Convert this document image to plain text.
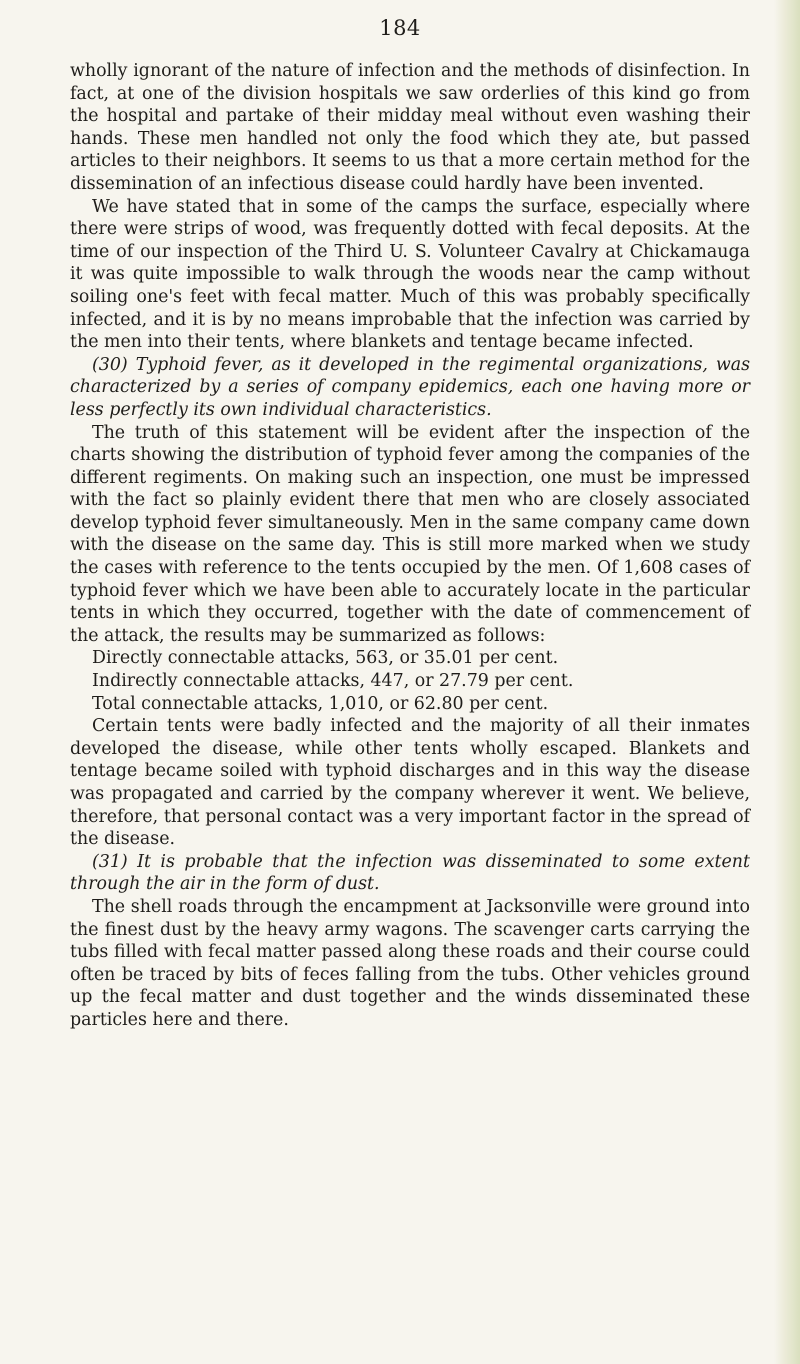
184

wholly ignorant of the nature of infection and the methods of disinfection. In fact, at one of the division hospitals we saw orderlies of this kind go from the hospital and partake of their midday meal without even washing their hands. These men handled not only the food which they ate, but passed articles to their neighbors. It seems to us that a more certain method for the dissemination of an infectious disease could hardly have been invented.

We have stated that in some of the camps the surface, especially where there were strips of wood, was frequently dotted with fecal deposits. At the time of our inspection of the Third U. S. Volunteer Cavalry at Chickamauga it was quite impossible to walk through the woods near the camp without soiling one's feet with fecal matter. Much of this was probably specifically infected, and it is by no means improbable that the infection was carried by the men into their tents, where blankets and tentage became infected.

(30) Typhoid fever, as it developed in the regimental organizations, was characterized by a series of company epidemics, each one having more or less perfectly its own individual characteristics.

The truth of this statement will be evident after the inspection of the charts showing the distribution of typhoid fever among the companies of the different regiments. On making such an inspection, one must be impressed with the fact so plainly evident there that men who are closely associated develop typhoid fever simultaneously. Men in the same company came down with the disease on the same day. This is still more marked when we study the cases with reference to the tents occupied by the men. Of 1,608 cases of typhoid fever which we have been able to accurately locate in the particular tents in which they occurred, together with the date of commencement of the attack, the results may be summarized as follows:

Directly connectable attacks, 563, or 35.01 per cent.

Indirectly connectable attacks, 447, or 27.79 per cent.

Total connectable attacks, 1,010, or 62.80 per cent.

Certain tents were badly infected and the majority of all their inmates developed the disease, while other tents wholly escaped. Blankets and tentage became soiled with typhoid discharges and in this way the disease was propagated and carried by the company wherever it went. We believe, therefore, that personal contact was a very important factor in the spread of the disease.

(31) It is probable that the infection was disseminated to some extent through the air in the form of dust.

The shell roads through the encampment at Jacksonville were ground into the finest dust by the heavy army wagons. The scavenger carts carrying the tubs filled with fecal matter passed along these roads and their course could often be traced by bits of feces falling from the tubs. Other vehicles ground up the fecal matter and dust together and the winds disseminated these particles here and there.
